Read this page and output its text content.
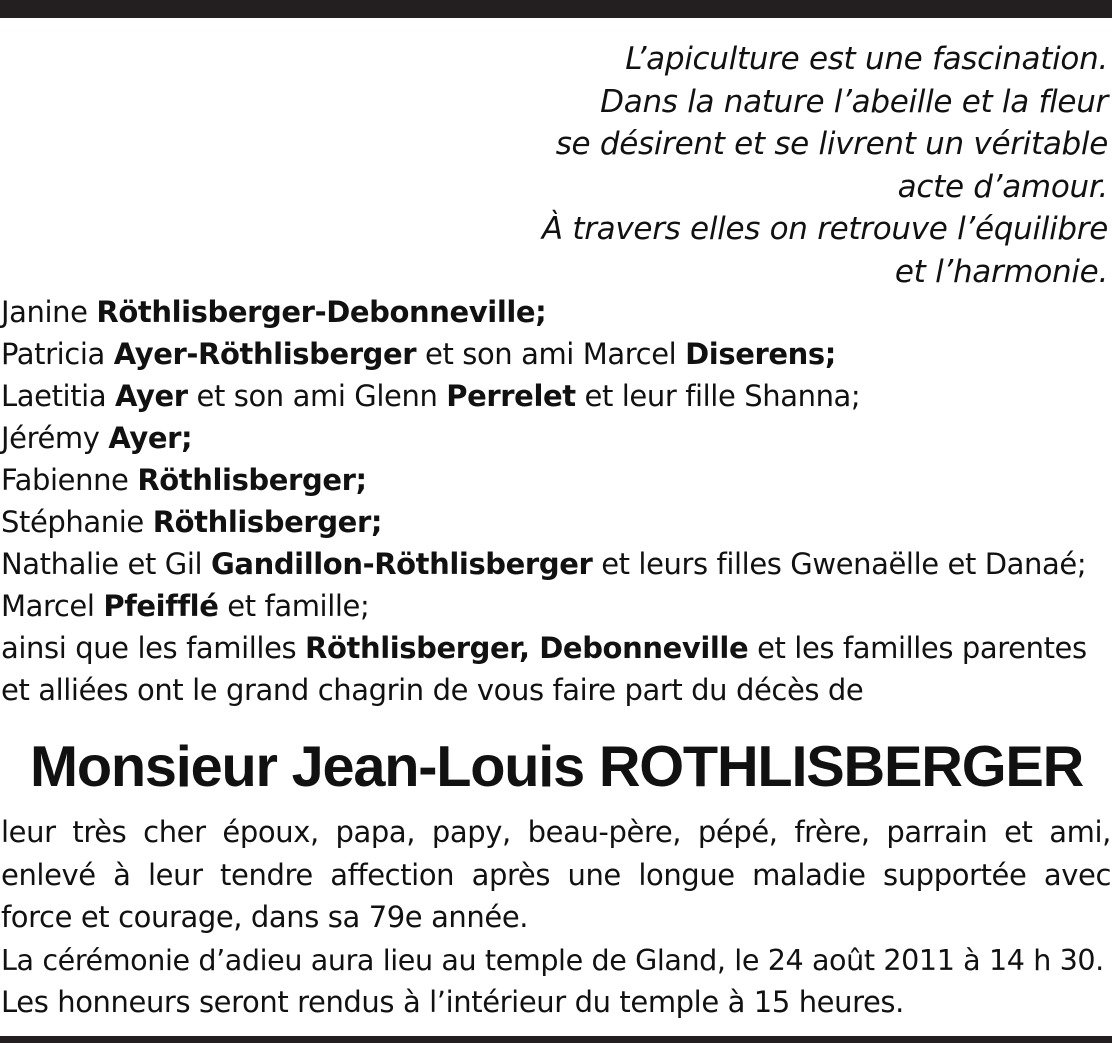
L’apiculture est une fascination.
Dans la nature l’abeille et la fleur
se désirent et se livrent un véritable
acte d’amour.
À travers elles on retrouve l’équilibre
et l’harmonie.
Janine Röthlisberger-Debonneville;
Patricia Ayer-Röthlisberger et son ami Marcel Diserens;
Laetitia Ayer et son ami Glenn Perrelet et leur fille Shanna;
Jérémy Ayer;
Fabienne Röthlisberger;
Stéphanie Röthlisberger;
Nathalie et Gil Gandillon-Röthlisberger et leurs filles Gwenaëlle et Danaé;
Marcel Pfeifflé et famille;
ainsi que les familles Röthlisberger, Debonneville et les familles parentes
et alliées ont le grand chagrin de vous faire part du décès de
Monsieur Jean-Louis ROTHLISBERGER
leur très cher époux, papa, papy, beau-père, pépé, frère, parrain et ami,
enlevé à leur tendre affection après une longue maladie supportée avec
force et courage, dans sa 79e année.
La cérémonie d’adieu aura lieu au temple de Gland, le 24 août 2011 à 14 h 30.
Les honneurs seront rendus à l’intérieur du temple à 15 heures.
